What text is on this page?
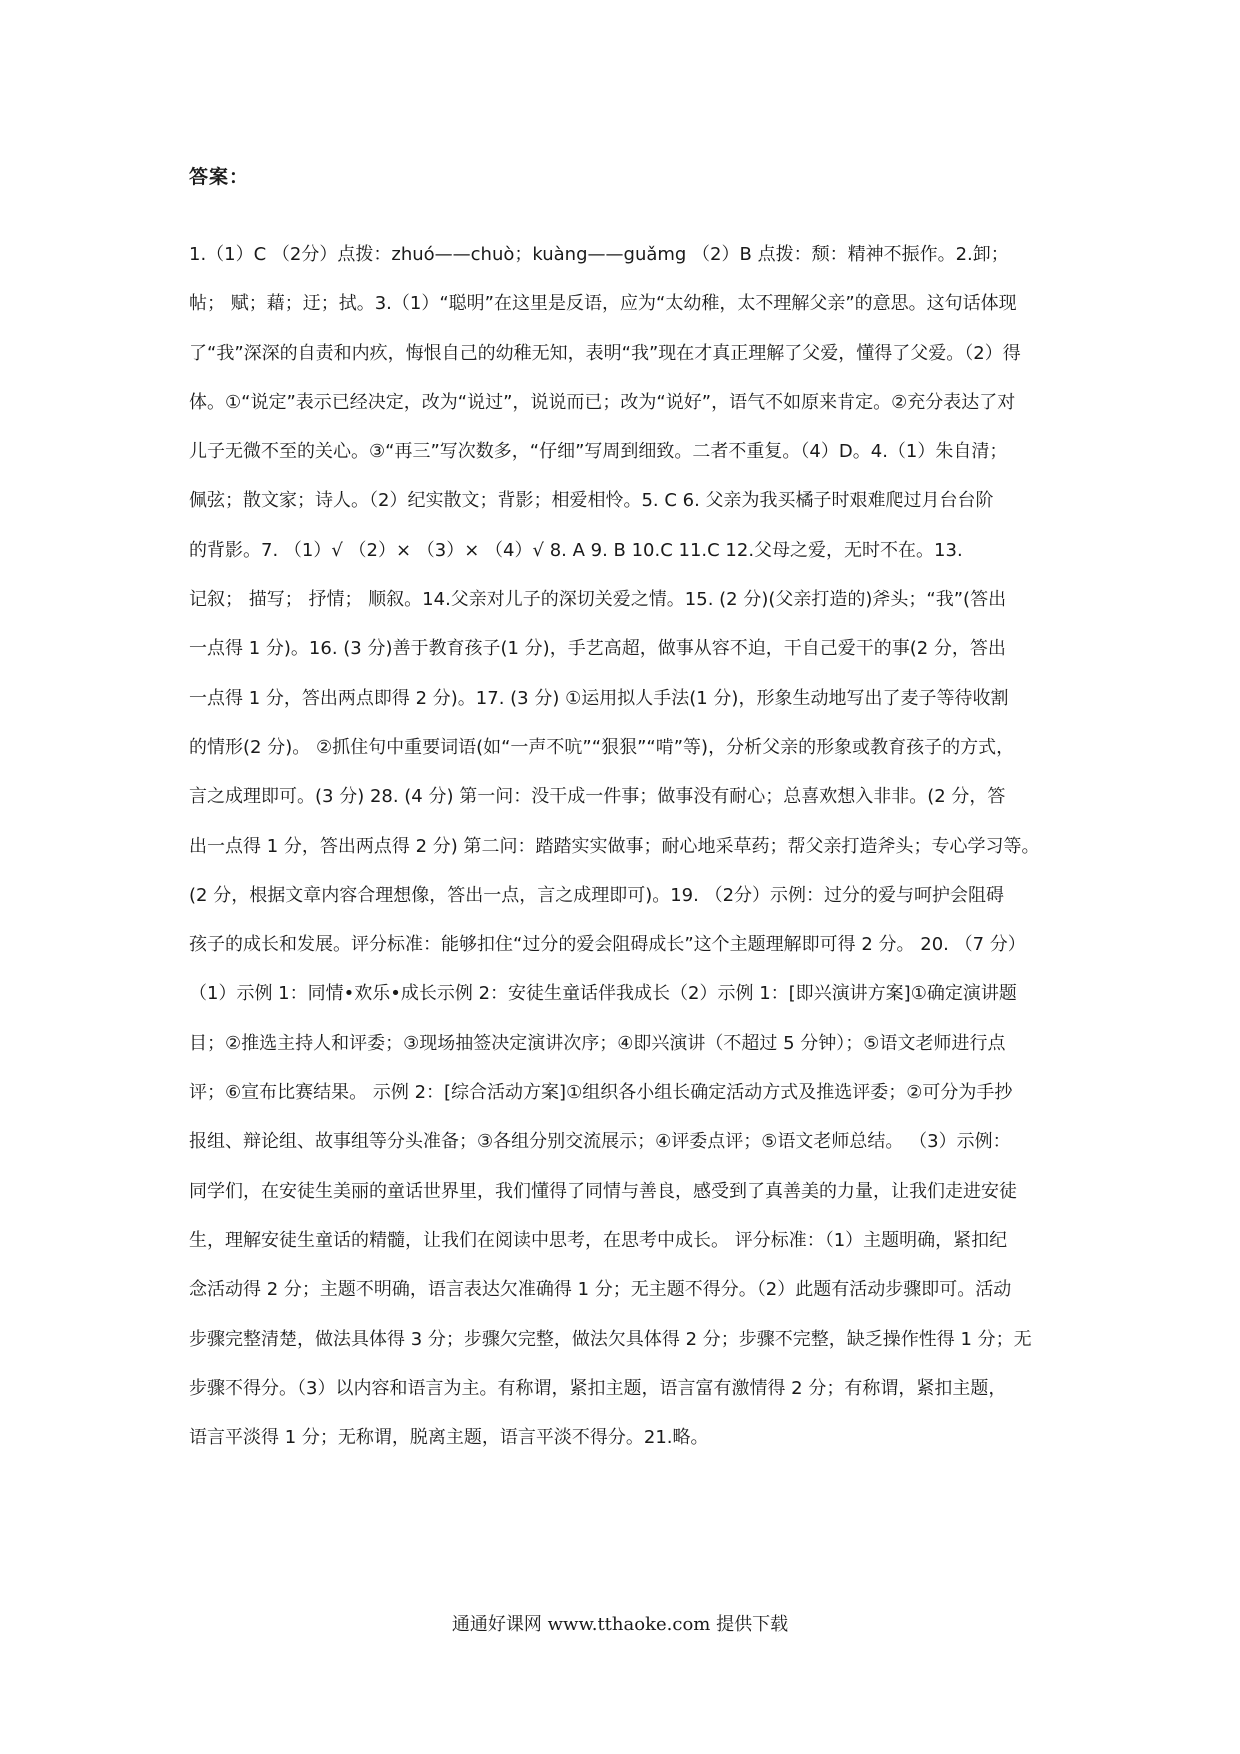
答案：
1.（1）C （2分）点拨：zhuó——chuò；kuàng——guǎmg （2）B 点拨：颓：精神不振作。2.卸；
帖； 赋；藉；迂；拭。3.（1）“聪明”在这里是反语，应为“太幼稚，太不理解父亲”的意思。这句话体现
了“我”深深的自责和内疚，悔恨自己的幼稚无知，表明“我”现在才真正理解了父爱，懂得了父爱。（2）得
体。①“说定”表示已经决定，改为“说过”，说说而已；改为“说好”，语气不如原来肯定。②充分表达了对
儿子无微不至的关心。③“再三”写次数多，“仔细”写周到细致。二者不重复。（4）D。4.（1）朱自清；
佩弦；散文家；诗人。（2）纪实散文；背影；相爱相怜。5. C 6. 父亲为我买橘子时艰难爬过月台台阶
的背影。7. （1）√ （2）× （3）× （4）√ 8. A 9. B 10.C 11.C 12.父母之爱，无时不在。13.
记叙； 描写； 抒情； 顺叙。14.父亲对儿子的深切关爱之情。15. (2 分)(父亲打造的)斧头；“我”(答出
一点得 1 分)。16. (3 分)善于教育孩子(1 分)，手艺高超，做事从容不迫，干自己爱干的事(2 分，答出
一点得 1 分，答出两点即得 2 分)。17. (3 分) ①运用拟人手法(1 分)，形象生动地写出了麦子等待收割
的情形(2 分)。 ②抓住句中重要词语(如“一声不吭”“狠狠”“啃”等)，分析父亲的形象或教育孩子的方式，
言之成理即可。(3 分) 28. (4 分) 第一问：没干成一件事；做事没有耐心；总喜欢想入非非。(2 分，答
出一点得 1 分，答出两点得 2 分) 第二问：踏踏实实做事；耐心地采草药；帮父亲打造斧头；专心学习等。
(2 分，根据文章内容合理想像，答出一点，言之成理即可)。19. （2分）示例：过分的爱与呵护会阻碍
孩子的成长和发展。评分标准：能够扣住“过分的爱会阻碍成长”这个主题理解即可得 2 分。 20. （7 分）
（1）示例 1：同情•欢乐•成长示例 2：安徒生童话伴我成长（2）示例 1：[即兴演讲方案]①确定演讲题
目；②推选主持人和评委；③现场抽签决定演讲次序；④即兴演讲（不超过 5 分钟）；⑤语文老师进行点
评；⑥宣布比赛结果。 示例 2：[综合活动方案]①组织各小组长确定活动方式及推选评委；②可分为手抄
报组、辩论组、故事组等分头准备；③各组分别交流展示；④评委点评；⑤语文老师总结。 （3）示例：
同学们，在安徒生美丽的童话世界里，我们懂得了同情与善良，感受到了真善美的力量，让我们走进安徒
生，理解安徒生童话的精髓，让我们在阅读中思考，在思考中成长。 评分标准：（1）主题明确，紧扣纪
念活动得 2 分；主题不明确，语言表达欠准确得 1 分；无主题不得分。（2）此题有活动步骤即可。活动
步骤完整清楚，做法具体得 3 分；步骤欠完整，做法欠具体得 2 分；步骤不完整，缺乏操作性得 1 分；无
步骤不得分。（3）以内容和语言为主。有称谓，紧扣主题，语言富有激情得 2 分；有称谓，紧扣主题，
语言平淡得 1 分；无称谓，脱离主题，语言平淡不得分。21.略。
通通好课网 www.tthaoke.com 提供下载
